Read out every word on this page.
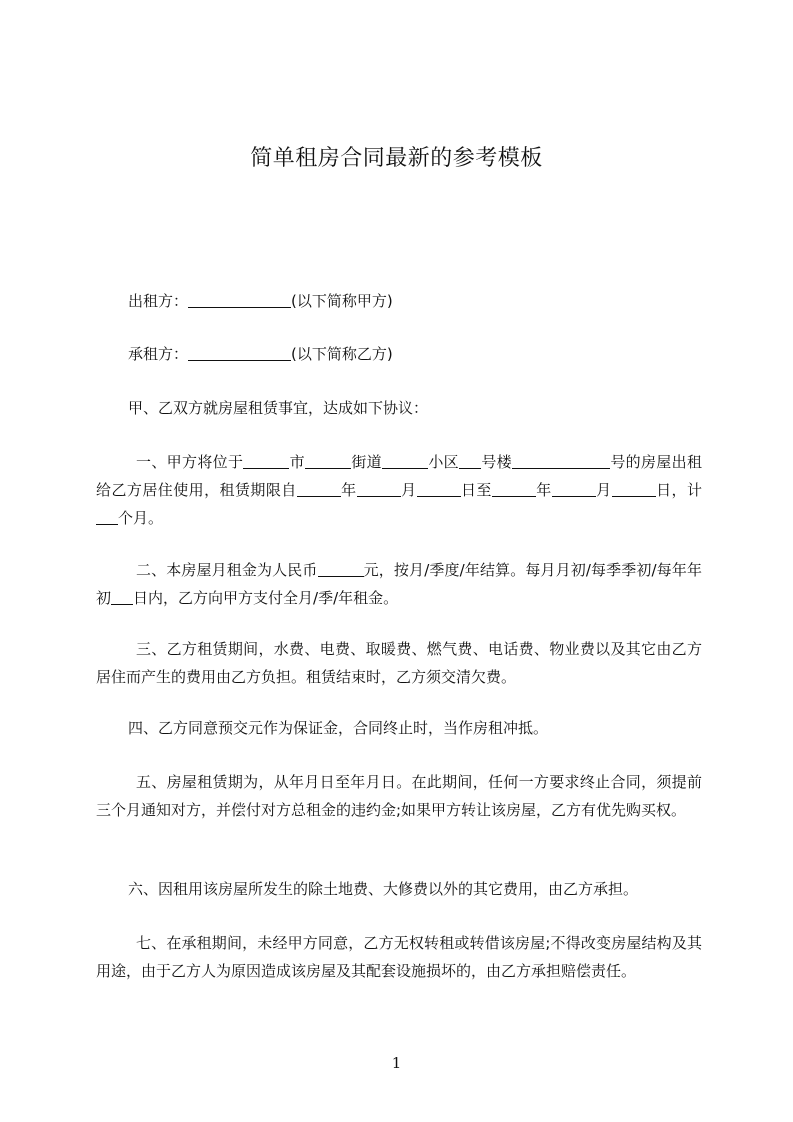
简单租房合同最新的参考模板

出租方：	(以下简称甲方)

承租方：	(以下简称乙方)

甲、乙双方就房屋租赁事宜，达成如下协议：

一、甲方将位于	市	街道	小区 号楼	号的房屋出租给乙方居住使用，租赁期限自	年	月	日至	年	月	日，计个月。

二、本房屋月租金为人民币	元，按月/季度/年结算。每月月初/每季季初/每年年初 日内，乙方向甲方支付全月/季/年租金。

三、乙方租赁期间，水费、电费、取暖费、燃气费、电话费、物业费以及其它由乙方居住而产生的费用由乙方负担。租赁结束时，乙方须交清欠费。

四、乙方同意预交元作为保证金，合同终止时，当作房租冲抵。

五、房屋租赁期为，从年月日至年月日。在此期间，任何一方要求终止合同，须提前三个月通知对方，并偿付对方总租金的违约金;如果甲方转让该房屋，乙方有优先购买权。

六、因租用该房屋所发生的除土地费、大修费以外的其它费用，由乙方承担。

七、在承租期间，未经甲方同意，乙方无权转租或转借该房屋;不得改变房屋结构及其用途，由于乙方人为原因造成该房屋及其配套设施损坏的，由乙方承担赔偿责任。

1
